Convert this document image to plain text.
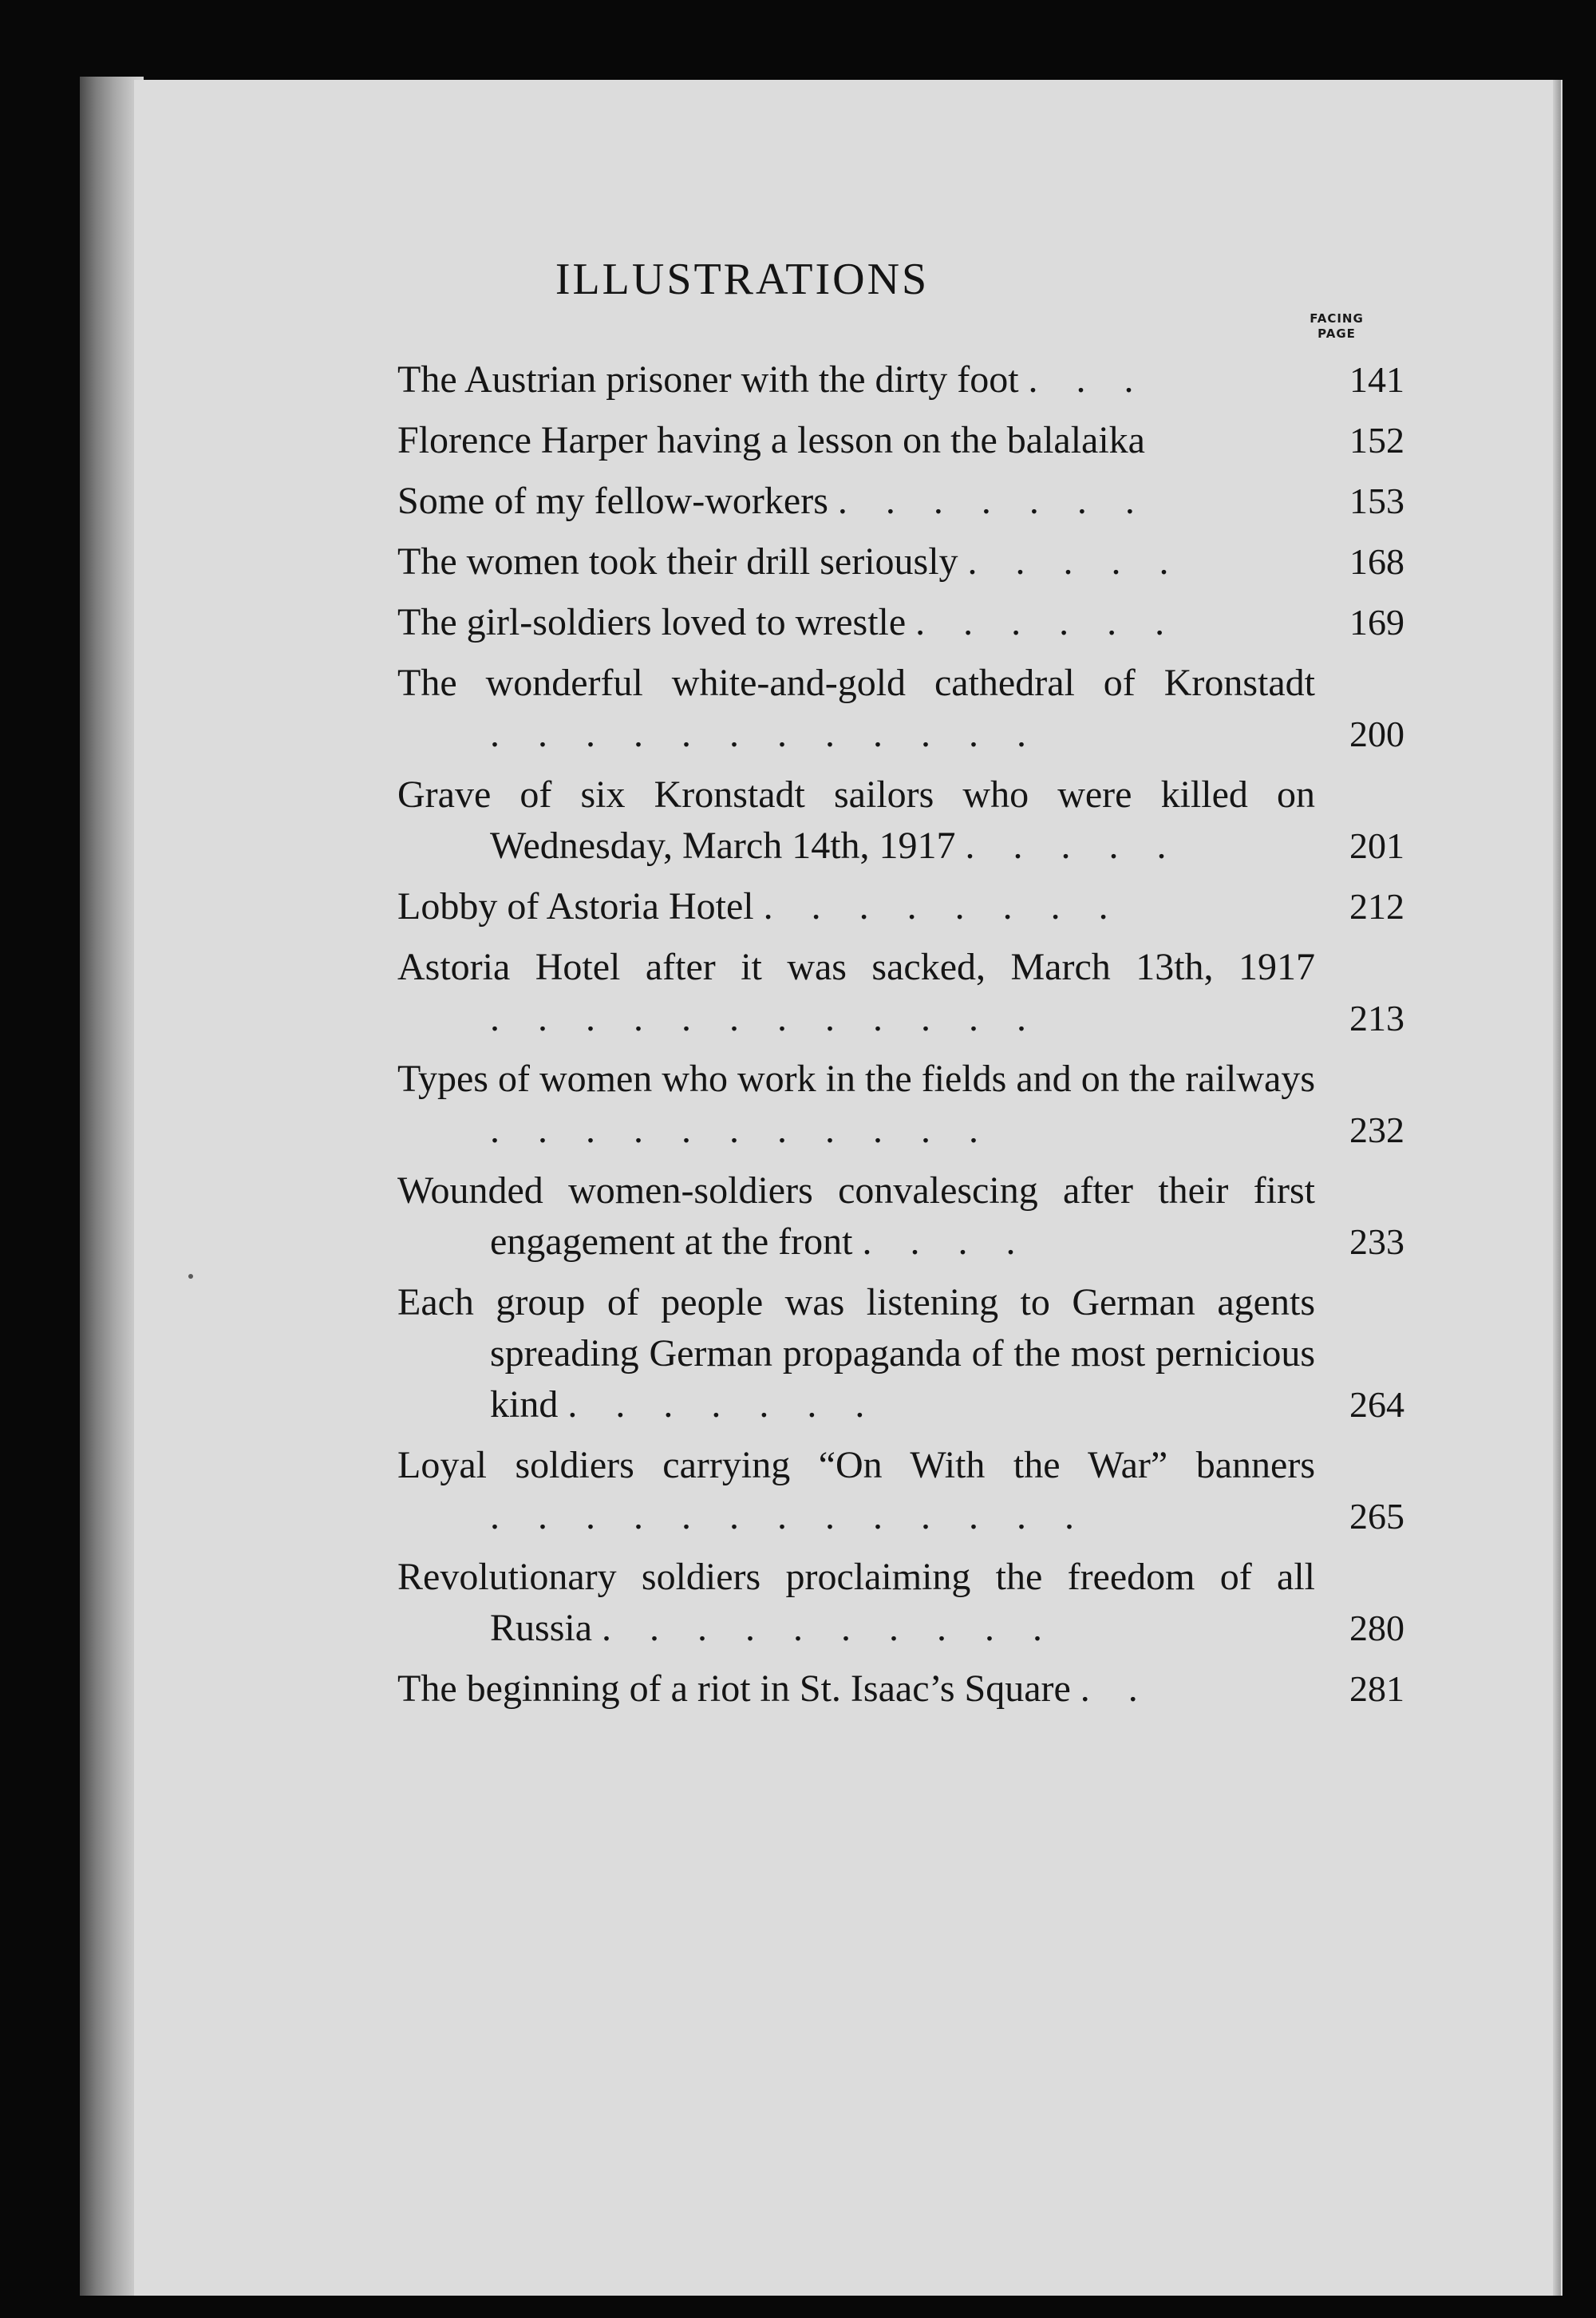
ILLUSTRATIONS
FACING
PAGE
The Austrian prisoner with the dirty foot . . .	141
Florence Harper having a lesson on the balalaika	152
Some of my fellow-workers . . . . . . .	153
The women took their drill seriously . . . . .	168
The girl-soldiers loved to wrestle . . . . . .	169
The wonderful white-and-gold cathedral of Kronstadt . . . . . . . . . . . .	200
Grave of six Kronstadt sailors who were killed on Wednesday, March 14th, 1917 . . . . .	201
Lobby of Astoria Hotel . . . . . . . .	212
Astoria Hotel after it was sacked, March 13th, 1917 . . . . . . . . . . . .	213
Types of women who work in the fields and on the railways . . . . . . . . . . .	232
Wounded women-soldiers convalescing after their first engagement at the front . . . .	233
Each group of people was listening to German agents spreading German propaganda of the most pernicious kind . . . . . . .	264
Loyal soldiers carrying “On With the War” banners . . . . . . . . . . . . .	265
Revolutionary soldiers proclaiming the freedom of all Russia . . . . . . . . . .	280
The beginning of a riot in St. Isaac’s Square . .	281
